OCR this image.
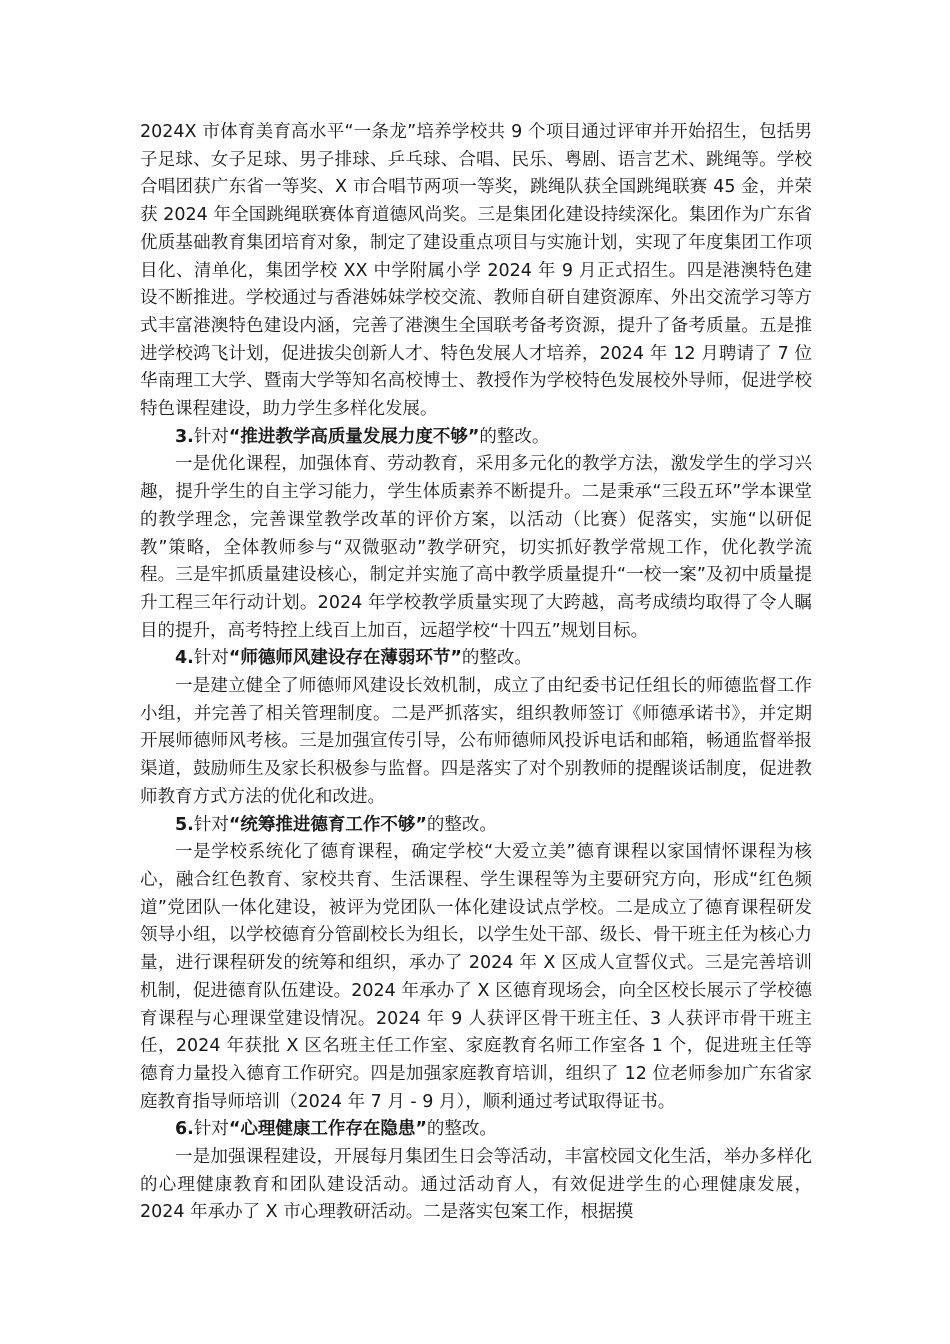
2024X 市体育美育高水平“一条龙”培养学校共 9 个项目通过评审并开始招生，包括男子足球、女子足球、男子排球、乒乓球、合唱、民乐、粤剧、语言艺术、跳绳等。学校合唱团获广东省一等奖、X 市合唱节两项一等奖，跳绳队获全国跳绳联赛 45 金，并荣获 2024 年全国跳绳联赛体育道德风尚奖。三是集团化建设持续深化。集团作为广东省优质基础教育集团培育对象，制定了建设重点项目与实施计划，实现了年度集团工作项目化、清单化，集团学校 XX 中学附属小学 2024 年 9 月正式招生。四是港澳特色建设不断推进。学校通过与香港姊妹学校交流、教师自研自建资源库、外出交流学习等方式丰富港澳特色建设内涵，完善了港澳生全国联考备考资源，提升了备考质量。五是推进学校鸿飞计划，促进拔尖创新人才、特色发展人才培养，2024 年 12 月聘请了 7 位华南理工大学、暨南大学等知名高校博士、教授作为学校特色发展校外导师，促进学校特色课程建设，助力学生多样化发展。

3.针对“推进教学高质量发展力度不够”的整改。

一是优化课程，加强体育、劳动教育，采用多元化的教学方法，激发学生的学习兴趣，提升学生的自主学习能力，学生体质素养不断提升。二是秉承“三段五环”学本课堂的教学理念，完善课堂教学改革的评价方案，以活动（比赛）促落实，实施“以研促教”策略，全体教师参与“双微驱动”教学研究，切实抓好教学常规工作，优化教学流程。三是牢抓质量建设核心，制定并实施了高中教学质量提升“一校一案”及初中质量提升工程三年行动计划。2024 年学校教学质量实现了大跨越，高考成绩均取得了令人瞩目的提升，高考特控上线百上加百，远超学校“十四五”规划目标。

4.针对“师德师风建设存在薄弱环节”的整改。

一是建立健全了师德师风建设长效机制，成立了由纪委书记任组长的师德监督工作小组，并完善了相关管理制度。二是严抓落实，组织教师签订《师德承诺书》，并定期开展师德师风考核。三是加强宣传引导，公布师德师风投诉电话和邮箱，畅通监督举报渠道，鼓励师生及家长积极参与监督。四是落实了对个别教师的提醒谈话制度，促进教师教育方式方法的优化和改进。

5.针对“统筹推进德育工作不够”的整改。

一是学校系统化了德育课程，确定学校“大爱立美”德育课程以家国情怀课程为核心，融合红色教育、家校共育、生活课程、学生课程等为主要研究方向，形成“红色频道”党团队一体化建设，被评为党团队一体化建设试点学校。二是成立了德育课程研发领导小组，以学校德育分管副校长为组长，以学生处干部、级长、骨干班主任为核心力量，进行课程研发的统筹和组织，承办了 2024 年 X 区成人宣誓仪式。三是完善培训机制，促进德育队伍建设。2024 年承办了 X 区德育现场会，向全区校长展示了学校德育课程与心理课堂建设情况。2024 年 9 人获评区骨干班主任、3 人获评市骨干班主任，2024 年获批 X 区名班主任工作室、家庭教育名师工作室各 1 个，促进班主任等德育力量投入德育工作研究。四是加强家庭教育培训，组织了 12 位老师参加广东省家庭教育指导师培训（2024 年 7 月 - 9 月），顺利通过考试取得证书。

6.针对“心理健康工作存在隐患”的整改。

一是加强课程建设，开展每月集团生日会等活动，丰富校园文化生活，举办多样化的心理健康教育和团队建设活动。通过活动育人，有效促进学生的心理健康发展，2024 年承办了 X 市心理教研活动。二是落实包案工作，根据摸
